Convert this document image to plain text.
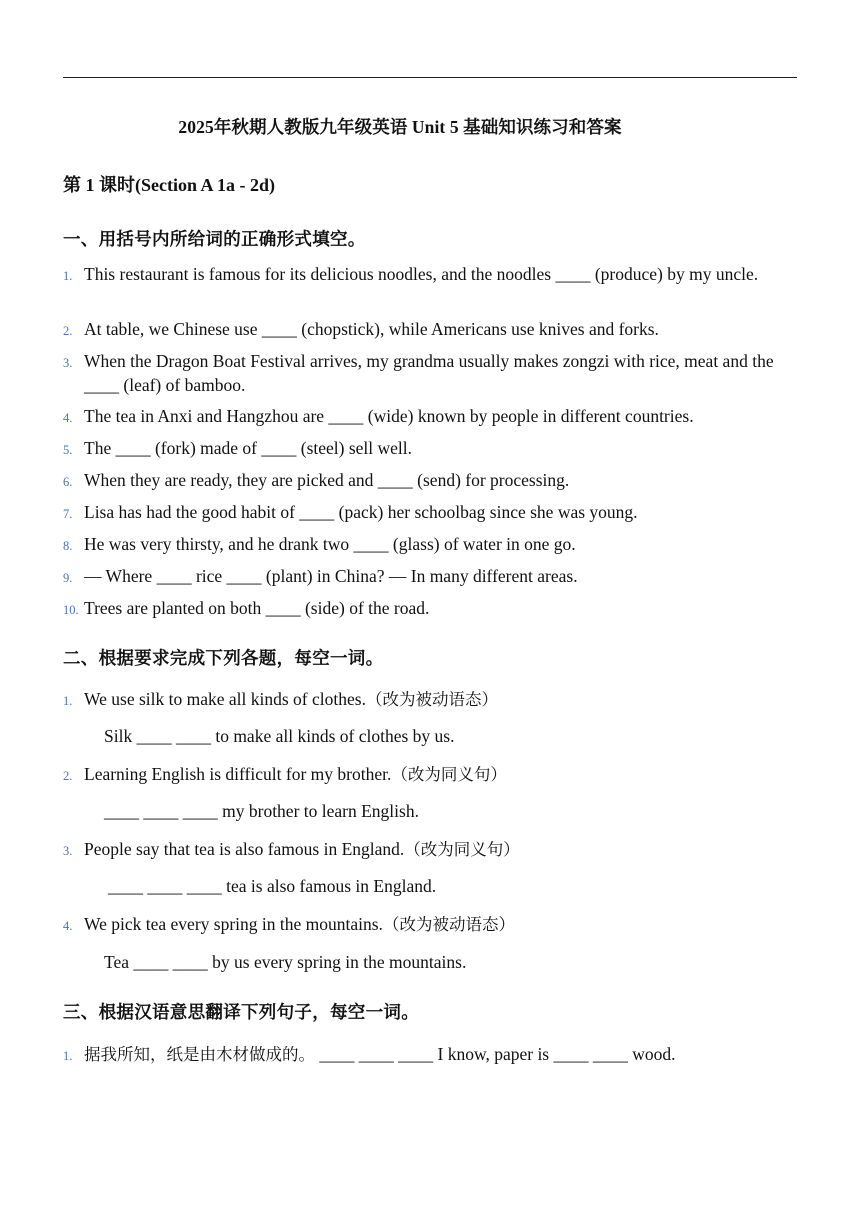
2025年秋期人教版九年级英语 Unit 5 基础知识练习和答案
第 1 课时(Section A 1a - 2d)
一、用括号内所给词的正确形式填空。
1. This restaurant is famous for its delicious noodles, and the noodles ____ (produce) by my uncle.
2. At table, we Chinese use ____ (chopstick), while Americans use knives and forks.
3. When the Dragon Boat Festival arrives, my grandma usually makes zongzi with rice, meat and the ____ (leaf) of bamboo.
4. The tea in Anxi and Hangzhou are ____ (wide) known by people in different countries.
5. The ____ (fork) made of ____ (steel) sell well.
6. When they are ready, they are picked and ____ (send) for processing.
7. Lisa has had the good habit of ____ (pack) her schoolbag since she was young.
8. He was very thirsty, and he drank two ____ (glass) of water in one go.
9. — Where ____ rice ____ (plant) in China? — In many different areas.
10. Trees are planted on both ____ (side) of the road.
二、根据要求完成下列各题，每空一词。
1. We use silk to make all kinds of clothes.（改为被动语态）
Silk ____ ____ to make all kinds of clothes by us.
2. Learning English is difficult for my brother.（改为同义句）
____ ____ ____ my brother to learn English.
3. People say that tea is also famous in England.（改为同义句）
____ ____ ____ tea is also famous in England.
4. We pick tea every spring in the mountains.（改为被动语态）
Tea ____ ____ by us every spring in the mountains.
三、根据汉语意思翻译下列句子，每空一词。
1. 据我所知，纸是由木材做成的。 ____ ____ ____ I know, paper is ____ ____ wood.
